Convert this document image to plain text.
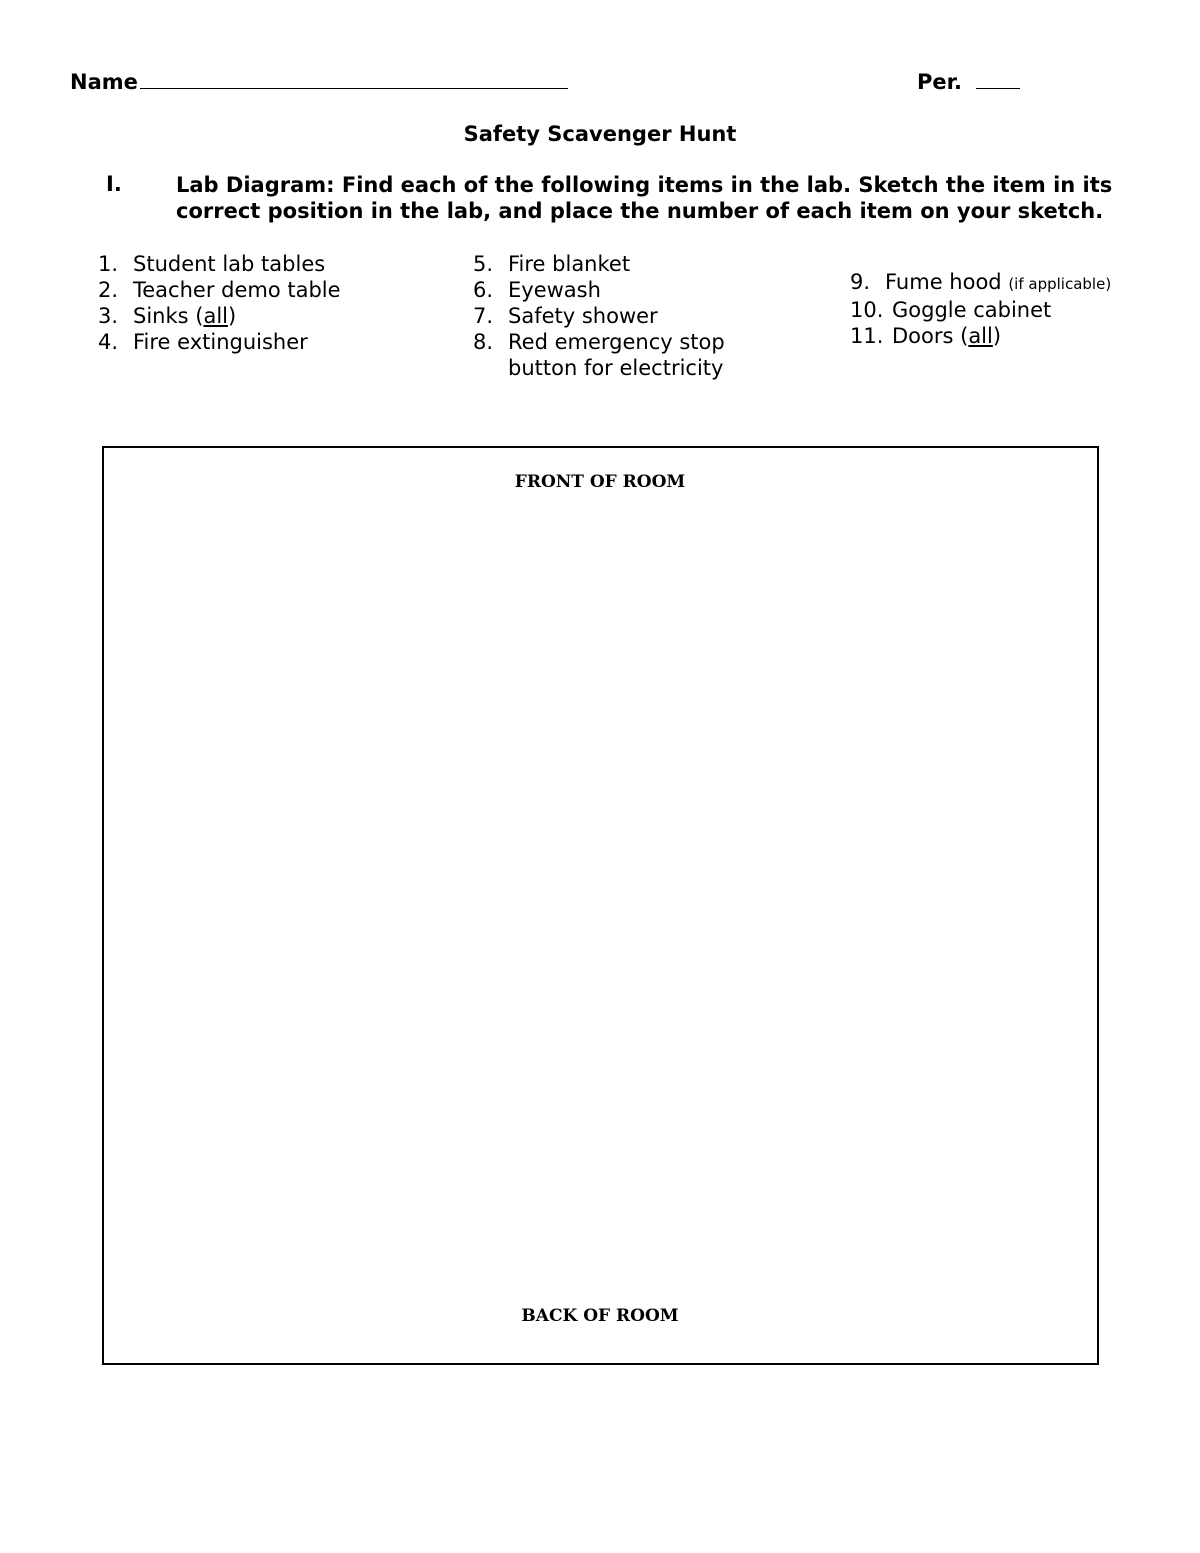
Name	Per.
Safety Scavenger Hunt
I.	Lab Diagram: Find each of the following items in the lab. Sketch the item in its correct position in the lab, and place the number of each item on your sketch.
1. Student lab tables
2. Teacher demo table
3. Sinks (all)
4. Fire extinguisher
5. Fire blanket
6. Eyewash
7. Safety shower
8. Red emergency stop
button for electricity
9. Fume hood (if applicable)
10. Goggle cabinet
11. Doors (all)
FRONT OF ROOM
BACK OF ROOM
